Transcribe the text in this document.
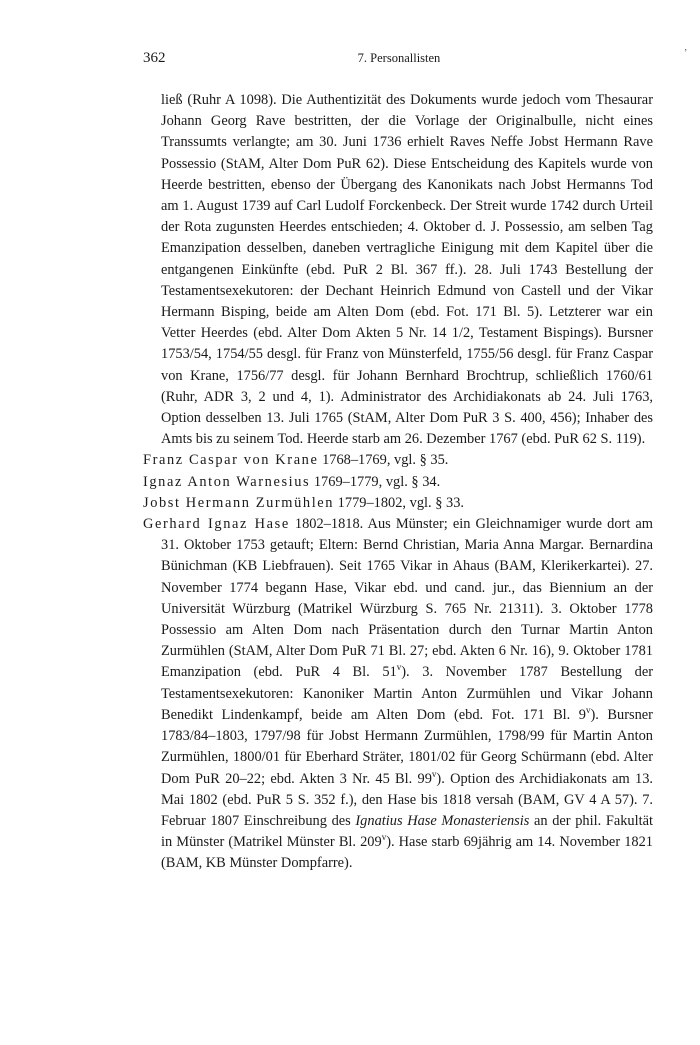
362	7. Personallisten	’

ließ (Ruhr A 1098). Die Authentizität des Dokuments wurde jedoch vom Thesaurar Johann Georg Rave bestritten, der die Vorlage der Originalbulle, nicht eines Transsumts verlangte; am 30. Juni 1736 erhielt Raves Neffe Jobst Hermann Rave Possessio (StAM, Alter Dom PuR 62). Diese Entscheidung des Kapitels wurde von Heerde bestritten, ebenso der Übergang des Kanonikats nach Jobst Hermanns Tod am 1. August 1739 auf Carl Ludolf Forckenbeck. Der Streit wurde 1742 durch Urteil der Rota zugunsten Heerdes entschieden; 4. Oktober d. J. Possessio, am selben Tag Emanzipation desselben, daneben vertragliche Einigung mit dem Kapitel über die entgangenen Einkünfte (ebd. PuR 2 Bl. 367 ff.). 28. Juli 1743 Bestellung der Testamentsexekutoren: der Dechant Heinrich Edmund von Castell und der Vikar Hermann Bisping, beide am Alten Dom (ebd. Fot. 171 Bl. 5). Letzterer war ein Vetter Heerdes (ebd. Alter Dom Akten 5 Nr. 14 1/2, Testament Bispings). Bursner 1753/54, 1754/55 desgl. für Franz von Münsterfeld, 1755/56 desgl. für Franz Caspar von Krane, 1756/77 desgl. für Johann Bernhard Brochtrup, schließlich 1760/61 (Ruhr, ADR 3, 2 und 4, 1). Administrator des Archidiakonats ab 24. Juli 1763, Option desselben 13. Juli 1765 (StAM, Alter Dom PuR 3 S. 400, 456); Inhaber des Amts bis zu seinem Tod. Heerde starb am 26. Dezember 1767 (ebd. PuR 62 S. 119).

Franz Caspar von Krane 1768–1769, vgl. § 35.

Ignaz Anton Warnesius 1769–1779, vgl. § 34.

Jobst Hermann Zurmühlen 1779–1802, vgl. § 33.

Gerhard Ignaz Hase 1802–1818. Aus Münster; ein Gleichnamiger wurde dort am 31. Oktober 1753 getauft; Eltern: Bernd Christian, Maria Anna Margar. Bernardina Bünichman (KB Liebfrauen). Seit 1765 Vikar in Ahaus (BAM, Klerikerkartei). 27. November 1774 begann Hase, Vikar ebd. und cand. jur., das Biennium an der Universität Würzburg (Matrikel Würzburg S. 765 Nr. 21311). 3. Oktober 1778 Possessio am Alten Dom nach Präsentation durch den Turnar Martin Anton Zurmühlen (StAM, Alter Dom PuR 71 Bl. 27; ebd. Akten 6 Nr. 16), 9. Oktober 1781 Emanzipation (ebd. PuR 4 Bl. 51$^v$). 3. November 1787 Bestellung der Testamentsexekutoren: Kanoniker Martin Anton Zurmühlen und Vikar Johann Benedikt Lindenkampf, beide am Alten Dom (ebd. Fot. 171 Bl. 9$^v$). Bursner 1783/84–1803, 1797/98 für Jobst Hermann Zurmühlen, 1798/99 für Martin Anton Zurmühlen, 1800/01 für Eberhard Sträter, 1801/02 für Georg Schürmann (ebd. Alter Dom PuR 20–22; ebd. Akten 3 Nr. 45 Bl. 99$^v$). Option des Archidiakonats am 13. Mai 1802 (ebd. PuR 5 S. 352 f.), den Hase bis 1818 versah (BAM, GV 4 A 57). 7. Februar 1807 Einschreibung des Ignatius Hase Monasteriensis an der phil. Fakultät in Münster (Matrikel Münster Bl. 209$^v$). Hase starb 69jährig am 14. November 1821 (BAM, KB Münster Dompfarre).
